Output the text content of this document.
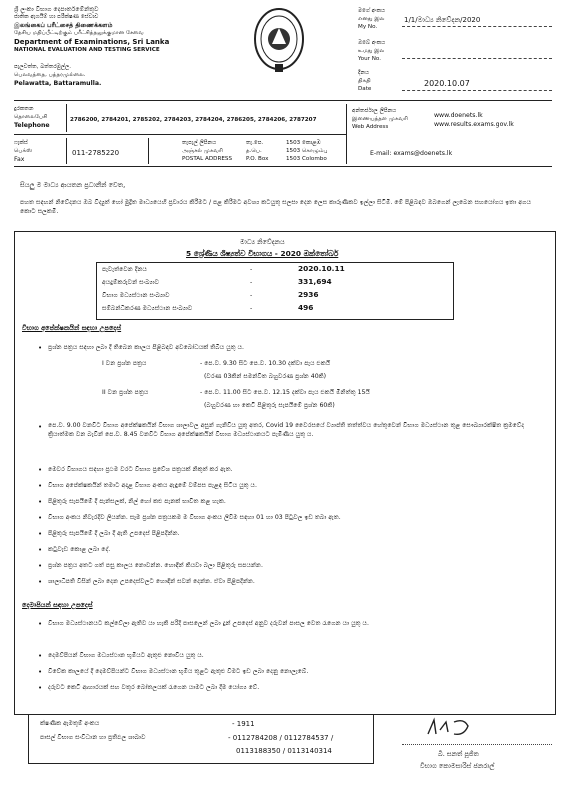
ශ්‍රී ලංකා විභාග දෙපාර්තමේන්තුව
ජාතික ඇගයීම් හා පරීක්ෂණ සේවාව
இலங்கைப் பரீட்சைத் திணைக்களம்
தேசிய மதிப்பீட்டிற்கும் பரீட்சித்தலுக்குமான சேவை
Department of Examinations, Sri Lanka
NATIONAL EVALUATION AND TESTING SERVICE
පැලවත්ත, බත්තරමුල්ල.
பெலவத்தை, பத்தரமுல்லை.
Pelawatta, Battaramulla.
මගේ අංකය
எனது இல
My No.
1/1/මාධ්‍ය නිවේදන/2020
ඔබේ අංකය
உமது இல
Your No.
දිනය
திகதி
Date
2020.10.07
දුරකතන
தொலைபேசி
Telephone
2786200, 2784201, 2785202, 2784203, 2784204, 2786205, 2784206, 2787207
අන්තර්ජාල ලිපිනය
இணையத்தள முகவரி
Web Address
www.doenets.lk
www.results.exams.gov.lk
ෆැක්ස්
பெக்ஸ்
Fax
011-2785220
තැපැල් ලිපිනය
அஞ்சல் முகவரி
POSTAL ADDRESS
තැ.පෙ.
த.பெ.
P.O. Box
1503 කොළඹ
1503 கொழும்பு
1503 Colombo
E-mail: exams@doenets.lk
සියලු ම මාධ්‍ය ආයතන ප්‍රධානීන් වෙත,
පහත සඳහන් නිවේදනය ඔබ විද්‍යුත් හෝ මුද්‍රිත මාධ්‍යයෙහි ප්‍රචාරය කිරීමට / පළ කිරීමට අවශ්‍ය කටයුතු සලසා දෙන ලෙස කාරුණිකව ඉල්ලා සිටිමි. මේ පිළිබඳව ඔබගෙන් ලැබෙන සහයෝගය ඉතා අගය කොට සලකමි.
මාධ්‍ය නිවේදනය
5 ශ්‍රේණිය ශිෂ්‍යත්ව විභාගය - 2020 ඔක්තෝබර්
පැවැත්වෙන දිනය	-	2020.10.11
අයදුම්කරුවන් සංඛ්‍යාව	-	331,694
විභාග මධ්‍යස්ථාන සංඛ්‍යාව	-	2936
සම්බන්ධීකරණ මධ්‍යස්ථාන සංඛ්‍යාව	-	496
විභාග අපේක්ෂකයින් සඳහා උපදෙස්
• ප්‍රශ්න පත්‍රය සඳහා ලබා දී තිබෙන කාලය පිළිබඳව අවබෝධයක් තිබිය යුතු ය.
I වන ප්‍රශ්න පත්‍රය	- පෙ.ව. 9.30 සිට පෙ.ව. 10.30 දක්වා පැය එකයි
(වරණ 03කින් සමන්විත බහුවරණ ප්‍රශ්න 40කි)
II වන ප්‍රශ්න පත්‍රය	- පෙ.ව. 11.00 සිට පෙ.ව. 12.15 දක්වා පැය එකයි මිනිත්තු 15යි
(බහුවරණ හා කෙටි පිළිතුරු සැපයීමේ ප්‍රශ්න 60කි)
• පෙ.ව. 9.00 වනවිට විභාග අපේක්ෂකයින් විභාග ශාලාවල අසුන් ගැනිවිය යුතු අතර, Covid 19 වෛරසයේ ව්‍යාප්ති තත්ත්වය හේතුවෙන් විභාග මධ්‍යස්ථාන තුළ සෞඛ්‍යාරක්ෂිත ක්‍රමවේද ක්‍රියාත්මක වන බැවින් පෙ.ව. 8.45 වනවිට විභාග අපේක්ෂකයින් විභාග මධ්‍යස්ථානයට පැමිණිය යුතු ය.
• මෙවර විභාගය සඳහා ප්‍රථම වරට විභාග ප්‍රවේශ පත්‍රයක් නිකුත් කර ඇත.
• විභාග අපේක්ෂකයින් තමාට අදාළ විභාග අංකය ඇඳුමේ වම්පස පැළඳ සිටිය යුතු ය.
• පිළිතුරු සැපයීමේ දී පැන්සලක්, නිල් හෝ කළු පැනක් භාවිත කළ හැක.
• විභාග අංකය නිවැරදිව ලියන්න. සෑම ප්‍රශ්න පත්‍රයකම ම විභාග අංකය ලිවීම සඳහා 01 හා 03 පිටුවල ඉඩ තබා ඇත.
• පිළිතුරු සැපයීමේ දී ලබා දී ඇති උපදෙස් පිළිපදින්න.
• කටුවැඩ කොළ ලබා දේ.
• ප්‍රශ්න පත්‍රය අතට ගත් පසු කාලය නොවන්න. හොඳින් කියවා බලා පිළිතුරු සපයන්න.
• ශාලාධිපති විසින් ලබා දෙන උපදෙස්වලට හොඳින් සවන් දෙන්න. ඒවා පිළිපදින්න.
දෙමාපියන් සඳහා උපදෙස්
• විභාග මධ්‍යස්ථානයට කල්වේලා ඇතිව යා හැකි පරිදි පාසලෙන් ලබා දුන් උපදෙස් අනුව දරුවන් පාසල වෙත රැගෙන යා යුතු ය.
• දෙමව්පියන් විභාග මධ්‍යස්ථාන භූමියට ඇතුළු නොවිය යුතු ය.
• විවේක කාලයේ දී දෙමව්පියන්ට විභාග මධ්‍යස්ථාන භූමිය තුළට ඇතුළු වීමට ඉඩ ලබා දෙනු නොලැබේ.
• දරුවට කෙටි ආහාරයක් සහ වතුර බෝතලයක් රැගෙන යාමට ලබා දීම යෝග්‍ය වේ.
ක්ෂණික ඇමතුම් අංකය	- 1911
පාසල් විභාග සංවිධාන හා ප්‍රතිඵල ශාඛාව	- 0112784208 / 0112784537 /
0113188350 / 0113140314	බී. සනත් පූජිත
විභාග කොමසාරිස් ජනරාල්
